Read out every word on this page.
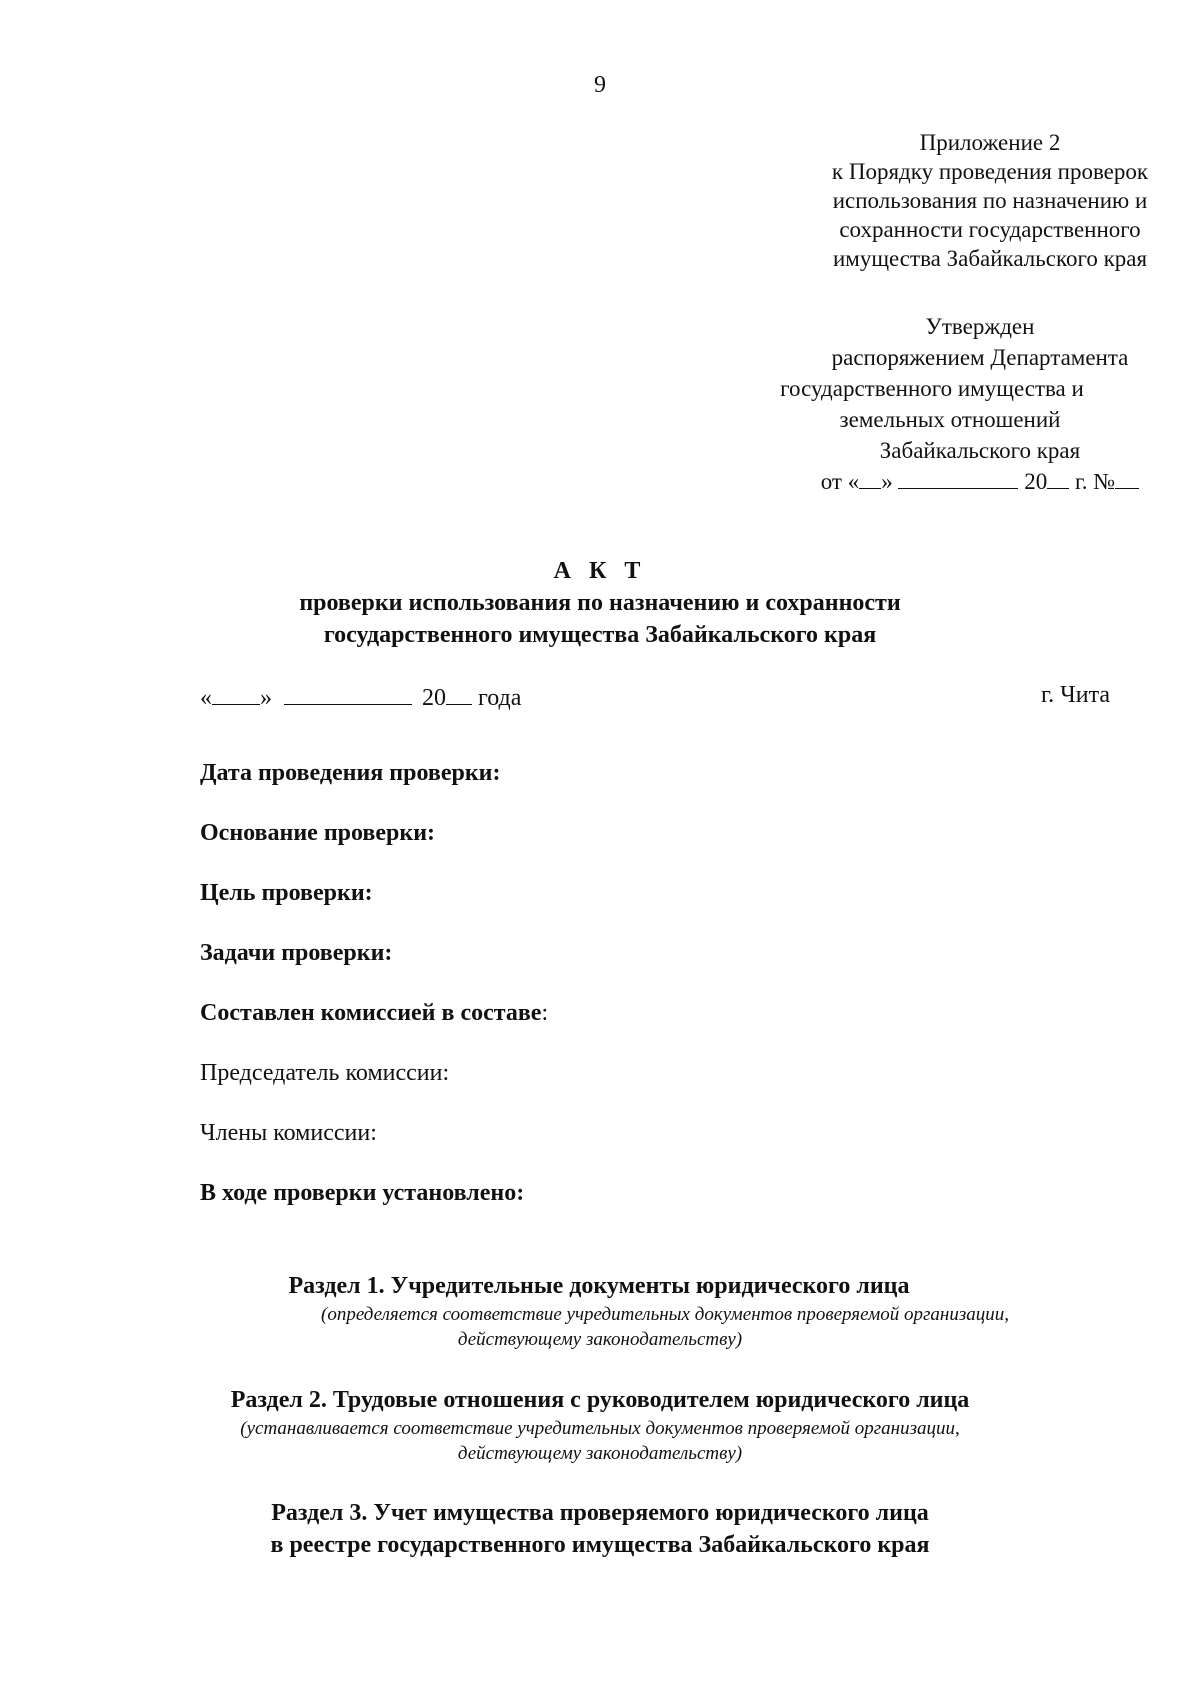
9
Приложение 2
к Порядку проведения проверок
использования по назначению и
сохранности государственного
имущества Забайкальского края
Утвержден
распоряжением Департамента
государственного имущества и
земельных отношений
Забайкальского края
от « »	20 г. №
А К Т
проверки использования по назначению и сохранности
государственного имущества Забайкальского края
« »	20 года	г. Чита
Дата проведения проверки:
Основание проверки:
Цель проверки:
Задачи проверки:
Составлен комиссией в составе:
Председатель комиссии:
Члены комиссии:
В ходе проверки установлено:
Раздел 1. Учредительные документы юридического лица
(определяется соответствие учредительных документов проверяемой организации,
действующему законодательству)
Раздел 2. Трудовые отношения с руководителем юридического лица
(устанавливается соответствие учредительных документов проверяемой организации,
действующему законодательству)
Раздел 3. Учет имущества проверяемого юридического лица
в реестре государственного имущества Забайкальского края
